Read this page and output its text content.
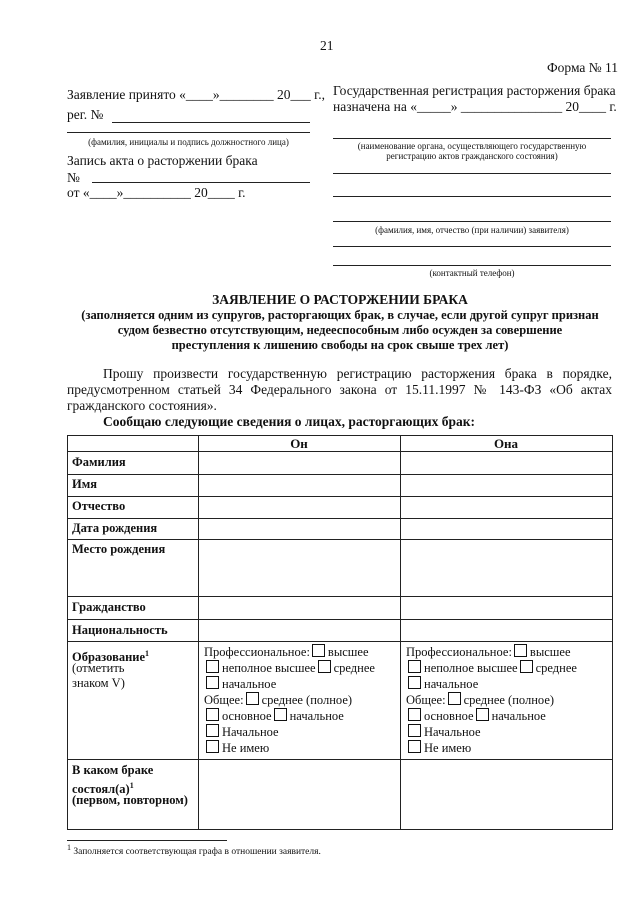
21
Форма № 11
Заявление принято «____»________ 20___ г.,
рег. №
(фамилия, инициалы и подпись должностного лица)
Запись акта о расторжении брака
№
от «____»__________ 20____ г.
Государственная регистрация расторжения брака
назначена на «_____» _______________ 20____ г.
(наименование органа, осуществляющего государственную
регистрацию актов гражданского состояния)
(фамилия, имя, отчество (при наличии) заявителя)
(контактный телефон)
ЗАЯВЛЕНИЕ О РАСТОРЖЕНИИ БРАКА
(заполняется одним из супругов, расторгающих брак, в случае, если другой супруг признан
судом безвестно отсутствующим, недееспособным либо осужден за совершение
преступления к лишению свободы на срок свыше трех лет)
Прошу произвести государственную регистрацию расторжения брака в порядке,
предусмотренном статьей 34 Федерального закона от 15.11.1997 № 143-ФЗ «Об актах
гражданского состояния».
Сообщаю следующие сведения о лицах, расторгающих брак:
Он	Она
Фамилия
Имя
Отчество
Дата рождения
Место рождения
Гражданство
Национальность
Образование$^1$
(отметить
знаком V)
В каком браке
$состоял(а)^1$
(первом, повторном)
Профессиональное: высшее
неполное высшее среднее
начальное
Общее: среднее (полное)
основное начальное
Начальное
Не имею
Профессиональное: высшее
неполное высшее среднее
начальное
Общее: среднее (полное)
основное начальное
Начальное
Не имею
$^1$ Заполняется соответствующая графа в отношении заявителя.
